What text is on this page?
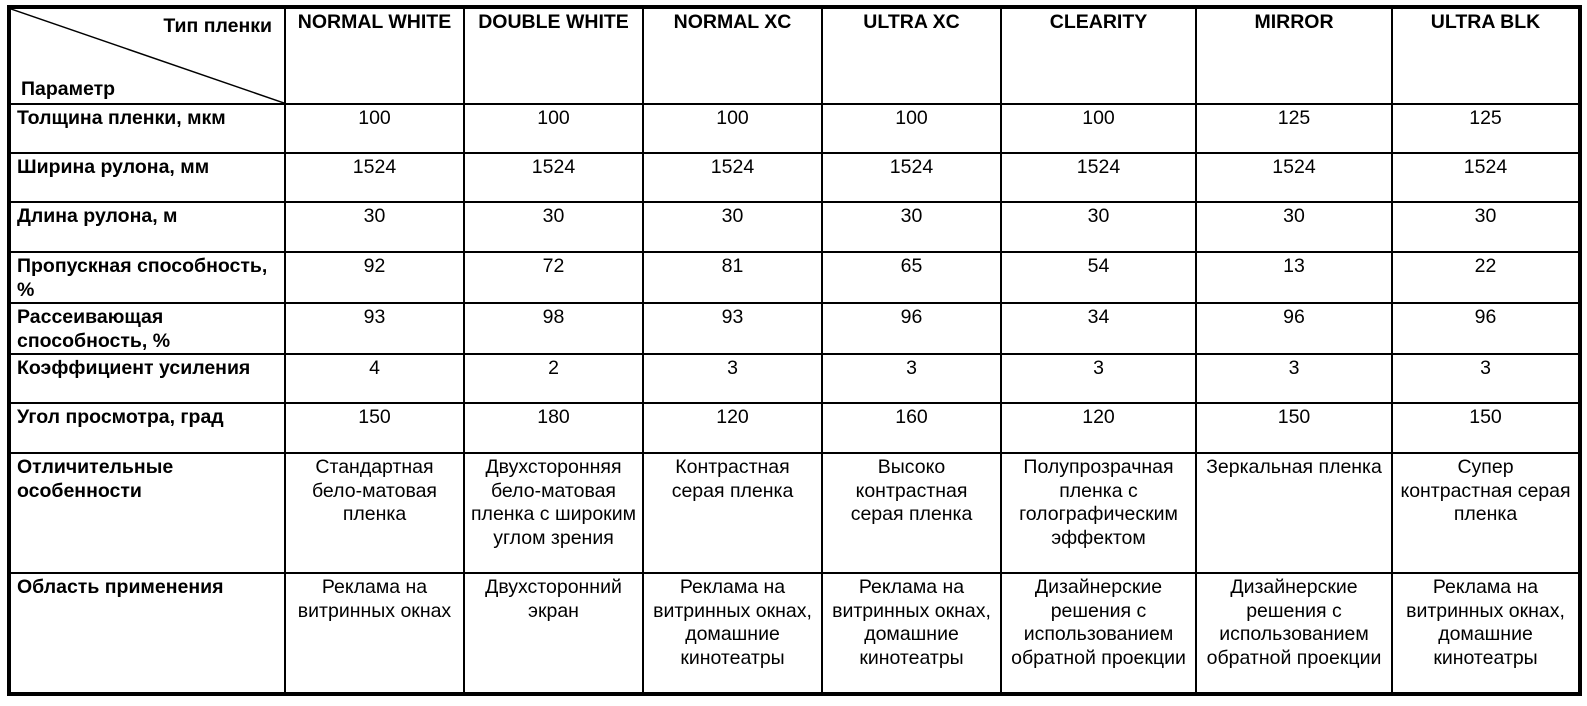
Тип пленки
Параметр	NORMAL WHITE	DOUBLE WHITE	NORMAL XC	ULTRA XC	CLEARITY	MIRROR	ULTRA BLK
Толщина пленки, мкм	100	100	100	100	100	125	125
Ширина рулона, мм	1524	1524	1524	1524	1524	1524	1524
Длина рулона, м	30	30	30	30	30	30	30
Пропускная способность, %	92	72	81	65	54	13	22
Рассеивающая способность, %	93	98	93	96	34	96	96
Коэффициент усиления	4	2	3	3	3	3	3
Угол просмотра, град	150	180	120	160	120	150	150
Отличительные особенности	Стандартная бело-матовая пленка	Двухсторонняя бело-матовая пленка с широким углом зрения	Контрастная серая пленка	Высоко контрастная серая пленка	Полупрозрачная пленка с голографическим эффектом	Зеркальная пленка	Супер контрастная серая пленка
Область применения	Реклама на витринных окнах	Двухсторонний экран	Реклама на витринных окнах, домашние кинотеатры	Реклама на витринных окнах, домашние кинотеатры	Дизайнерские решения с использованием обратной проекции	Дизайнерские решения с использованием обратной проекции	Реклама на витринных окнах, домашние кинотеатры
